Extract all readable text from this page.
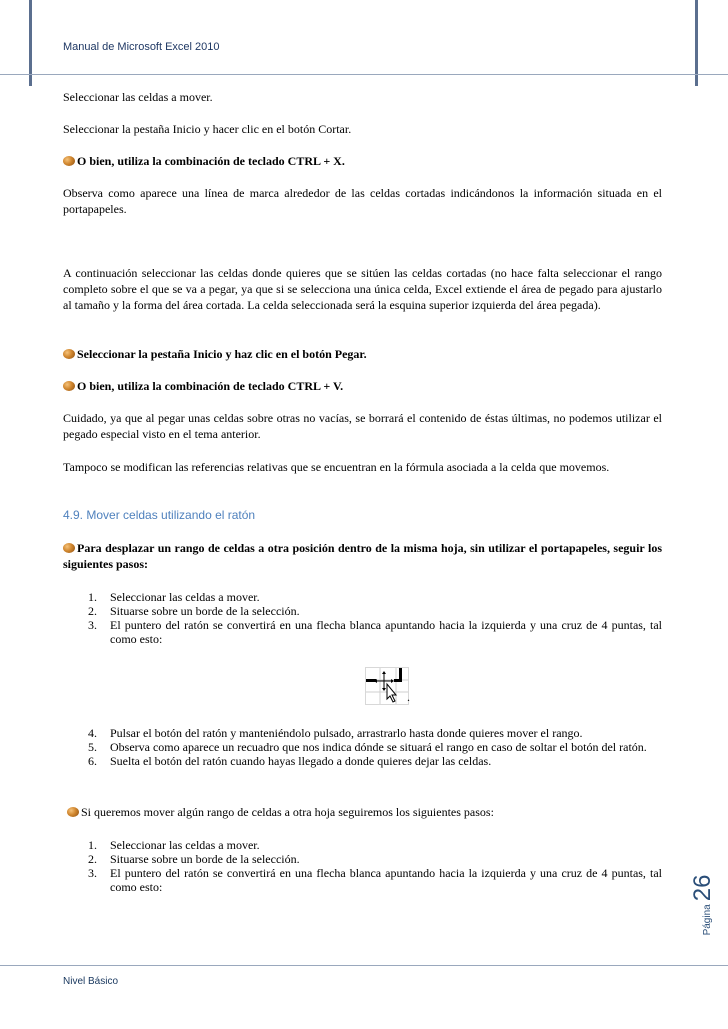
Manual de Microsoft Excel 2010
Seleccionar las celdas a mover.
Seleccionar la pestaña Inicio y hacer clic en el botón Cortar.
O bien, utiliza la combinación de teclado CTRL + X.
Observa como aparece una línea de marca alrededor de las celdas cortadas indicándonos la información situada en el portapapeles.
A continuación seleccionar las celdas donde quieres que se sitúen las celdas cortadas (no hace falta seleccionar el rango completo sobre el que se va a pegar, ya que si se selecciona una única celda, Excel extiende el área de pegado para ajustarlo al tamaño y la forma del área cortada. La celda seleccionada será la esquina superior izquierda del área pegada).
Seleccionar la pestaña Inicio y haz clic en el botón Pegar.
O bien, utiliza la combinación de teclado CTRL + V.
Cuidado, ya que al pegar unas celdas sobre otras no vacías, se borrará el contenido de éstas últimas, no podemos utilizar el pegado especial visto en el tema anterior.
Tampoco se modifican las referencias relativas que se encuentran en la fórmula asociada a la celda que movemos.
4.9. Mover celdas utilizando el ratón
Para desplazar un rango de celdas a otra posición dentro de la misma hoja, sin utilizar el portapapeles, seguir los siguientes pasos:
1. Seleccionar las celdas a mover.
2. Situarse sobre un borde de la selección.
3. El puntero del ratón se convertirá en una flecha blanca apuntando hacia la izquierda y una cruz de 4 puntas, tal como esto:
.
4. Pulsar el botón del ratón y manteniéndolo pulsado, arrastrarlo hasta donde quieres mover el rango.
5. Observa como aparece un recuadro que nos indica dónde se situará el rango en caso de soltar el botón del ratón.
6. Suelta el botón del ratón cuando hayas llegado a donde quieres dejar las celdas.
Si queremos mover algún rango de celdas a otra hoja seguiremos los siguientes pasos:
1. Seleccionar las celdas a mover.
2. Situarse sobre un borde de la selección.
3. El puntero del ratón se convertirá en una flecha blanca apuntando hacia la izquierda y una cruz de 4 puntas, tal como esto:
Página26
Nivel Básico
